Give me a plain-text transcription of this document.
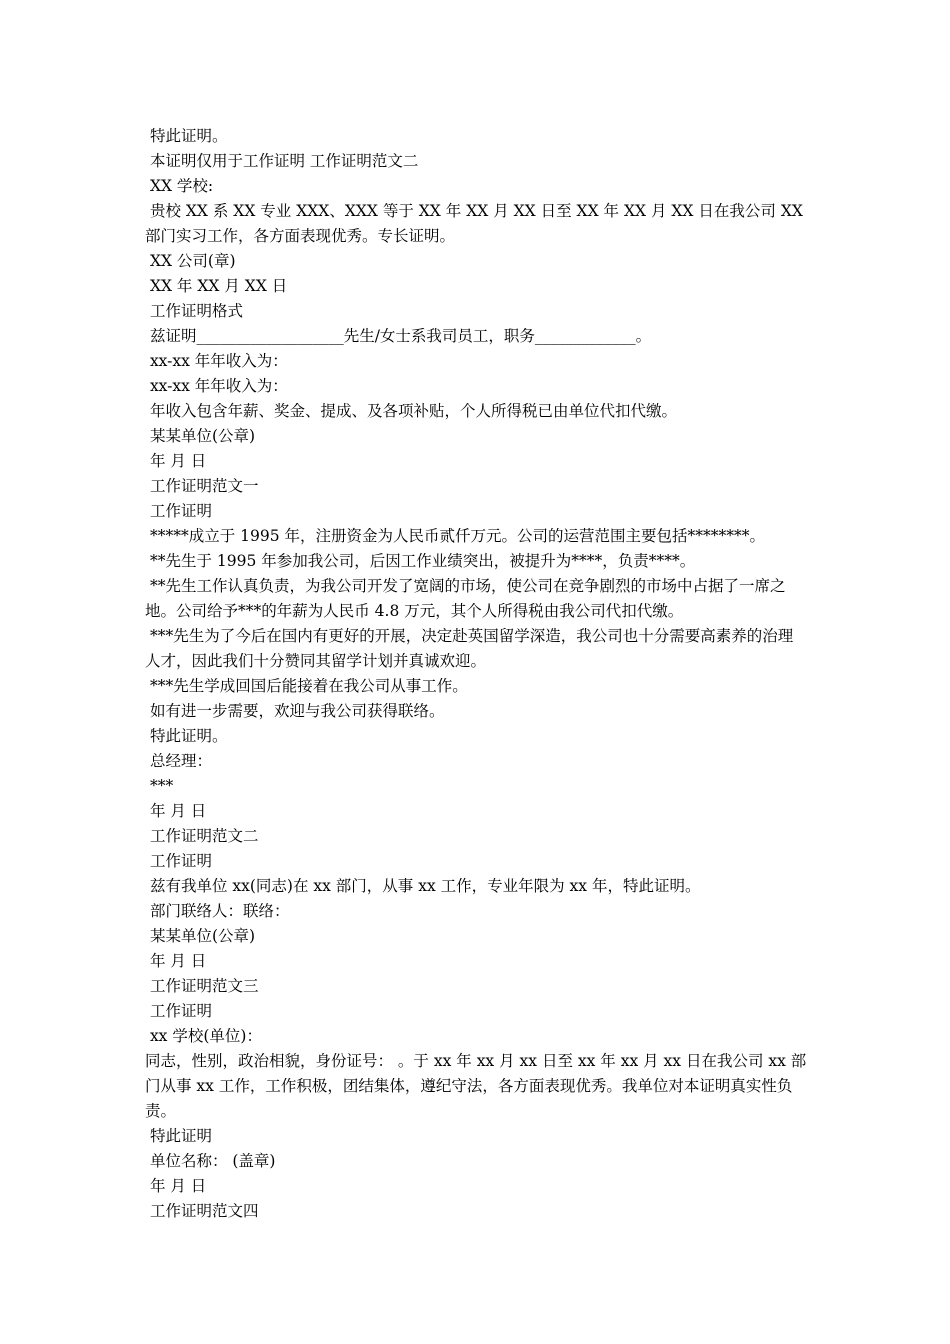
特此证明。

本证明仅用于工作证明 工作证明范文二

XX 学校:

贵校 XX 系 XX 专业 XXX、XXX 等于 XX 年 XX 月 XX 日至 XX 年 XX 月 XX 日在我公司 XX 部门实习工作，各方面表现优秀。专长证明。

XX 公司(章)

XX 年 XX 月 XX 日

工作证明格式

兹证明___________________先生/女士系我司员工，职务_____________。

xx-xx 年年收入为：

xx-xx 年年收入为：

年收入包含年薪、奖金、提成、及各项补贴，个人所得税已由单位代扣代缴。

某某单位(公章)

年 月 日

工作证明范文一

工作证明

*****成立于 1995 年，注册资金为人民币贰仟万元。公司的运营范围主要包括********。

**先生于 1995 年参加我公司，后因工作业绩突出，被提升为****，负责****。

**先生工作认真负责，为我公司开发了宽阔的市场，使公司在竞争剧烈的市场中占据了一席之地。公司给予***的年薪为人民币 4.8 万元，其个人所得税由我公司代扣代缴。

***先生为了今后在国内有更好的开展，决定赴英国留学深造，我公司也十分需要高素养的治理人才，因此我们十分赞同其留学计划并真诚欢迎。

***先生学成回国后能接着在我公司从事工作。

如有进一步需要，欢迎与我公司获得联络。

特此证明。

总经理：

***

年 月 日

工作证明范文二

工作证明

兹有我单位 xx(同志)在 xx 部门，从事 xx 工作，专业年限为 xx 年，特此证明。

部门联络人：联络：

某某单位(公章)

年 月 日

工作证明范文三

工作证明

xx 学校(单位)：

同志，性别，政治相貌，身份证号： 。于 xx 年 xx 月 xx 日至 xx 年 xx 月 xx 日在我公司 xx 部门从事 xx 工作，工作积极，团结集体，遵纪守法，各方面表现优秀。我单位对本证明真实性负责。

特此证明

单位名称： (盖章)

年 月 日

工作证明范文四
